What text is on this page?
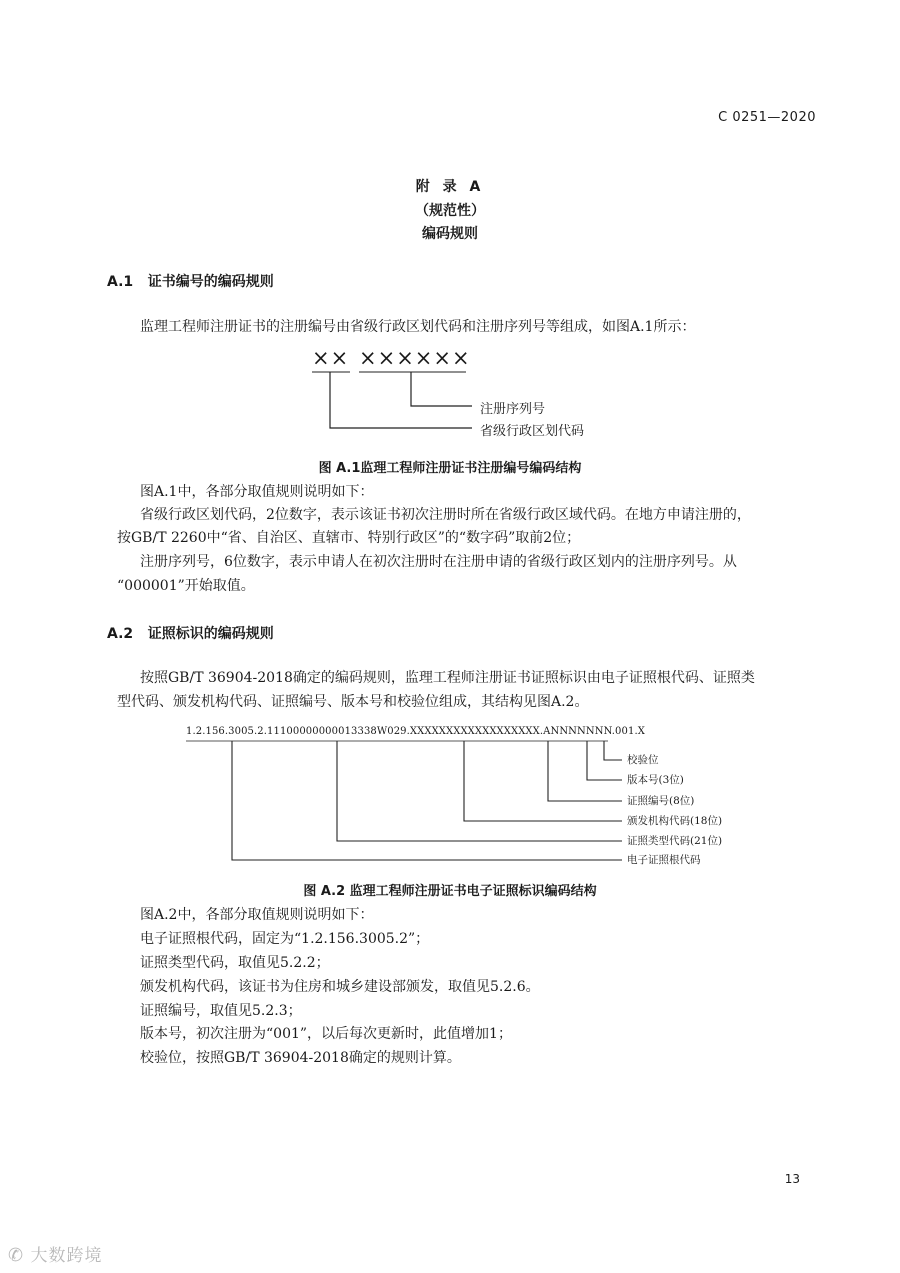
C 0251—2020
附 录 A
（规范性）
编码规则
A.1 证书编号的编码规则
监理工程师注册证书的注册编号由省级行政区划代码和注册序列号等组成，如图A.1所示：
×× ××××××
注册序列号
省级行政区划代码
图 A.1监理工程师注册证书注册编号编码结构
图A.1中，各部分取值规则说明如下：
省级行政区划代码，2位数字，表示该证书初次注册时所在省级行政区域代码。在地方申请注册的，
按GB/T 2260中“省、自治区、直辖市、特别行政区”的“数字码”取前2位；
注册序列号，6位数字，表示申请人在初次注册时在注册申请的省级行政区划内的注册序列号。从
“000001”开始取值。
A.2 证照标识的编码规则
按照GB/T 36904-2018确定的编码规则，监理工程师注册证书证照标识由电子证照根代码、证照类
型代码、颁发机构代码、证照编号、版本号和校验位组成，其结构见图A.2。
1.2.156.3005.2.11100000000013338W029.XXXXXXXXXXXXXXXXXX.ANNNNNNN.001.X
校验位
版本号(3位)
证照编号(8位)
颁发机构代码(18位)
证照类型代码(21位)
电子证照根代码
图 A.2 监理工程师注册证书电子证照标识编码结构
图A.2中，各部分取值规则说明如下：
电子证照根代码，固定为“1.2.156.3005.2”；
证照类型代码，取值见5.2.2；
颁发机构代码，该证书为住房和城乡建设部颁发，取值见5.2.6。
证照编号，取值见5.2.3；
版本号，初次注册为“001”，以后每次更新时，此值增加1；
校验位，按照GB/T 36904-2018确定的规则计算。
13
✆ 大数跨境
